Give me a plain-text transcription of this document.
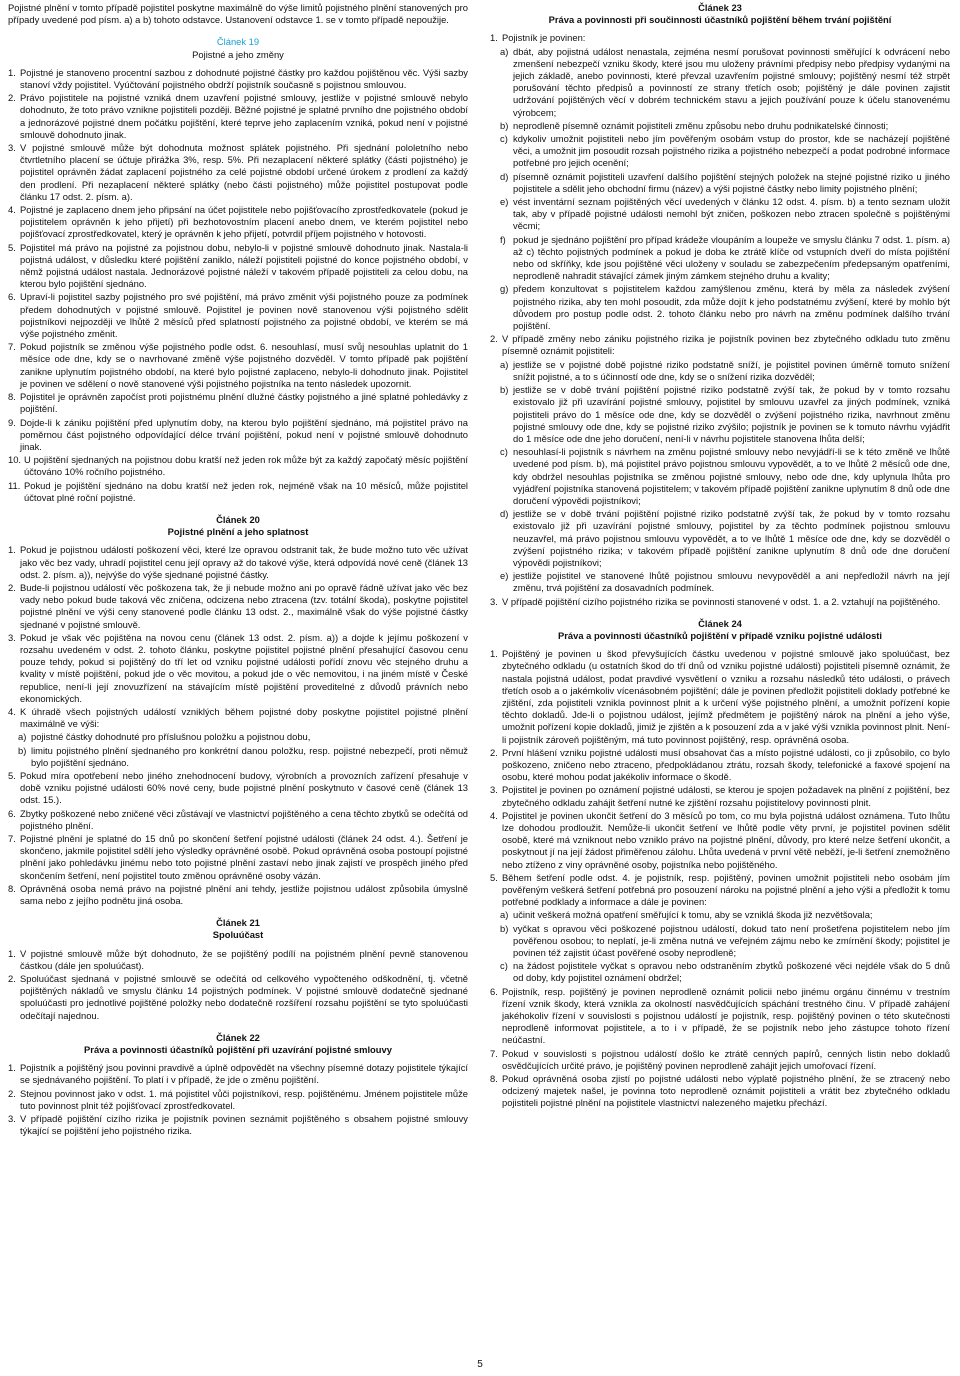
Pojistné plnění v tomto případě pojistitel poskytne maximálně do výše limitů pojistného plnění stanovených pro případy uvedené pod písm. a) a b) tohoto odstavce. Ustanovení odstavce 1. se v tomto případě nepoužije.

Článek 19
Pojistné a jeho změny
1. Pojistné je stanoveno procentní sazbou z dohodnuté pojistné částky pro každou pojištěnou věc. Výši sazby stanoví vždy pojistitel. Vyúčtování pojistného obdrží pojistník současně s pojistnou smlouvou.
2. Právo pojistitele na pojistné vzniká dnem uzavření pojistné smlouvy, jestliže v pojistné smlouvě nebylo dohodnuto, že toto právo vznikne pojistiteli později. Běžné pojistné je splatné prvního dne pojistného období a jednorázové pojistné dnem počátku pojištění, které teprve jeho zaplacením vzniká, pokud není v pojistné smlouvě dohodnuto jinak.
3. V pojistné smlouvě může být dohodnuta možnost splátek pojistného. Při sjednání pololetního nebo čtvrtletního placení se účtuje přirážka 3%, resp. 5%. Při nezaplacení některé splátky (části pojistného) je pojistitel oprávněn žádat zaplacení pojistného za celé pojistné období určené úrokem z prodlení za každý den prodlení. Při nezaplacení některé splátky (nebo části pojistného) může pojistitel postupovat podle článku 17 odst. 2. písm. a).
4. Pojistné je zaplaceno dnem jeho připsání na účet pojistitele nebo pojišťovacího zprostředkovatele (pokud je pojistitelem oprávněn k jeho přijetí) při bezhotovostním placení anebo dnem, ve kterém pojistitel nebo pojišťovací zprostředkovatel, který je oprávněn k jeho přijetí, potvrdil příjem pojistného v hotovosti.
5. Pojistitel má právo na pojistné za pojistnou dobu, nebylo-li v pojistné smlouvě dohodnuto jinak. Nastala-li pojistná událost, v důsledku které pojištění zaniklo, náleží pojistiteli pojistné do konce pojistného období, v němž pojistná událost nastala. Jednorázové pojistné náleží v takovém případě pojistiteli za celou dobu, na kterou bylo pojištění sjednáno.
6. Upraví-li pojistitel sazby pojistného pro své pojištění, má právo změnit výši pojistného pouze za podmínek předem dohodnutých v pojistné smlouvě. Pojistitel je povinen nově stanovenou výši pojistného sdělit pojistníkovi nejpozději ve lhůtě 2 měsíců před splatností pojistného za pojistné období, ve kterém se má výše pojistného změnit.
7. Pokud pojistník se změnou výše pojistného podle odst. 6. nesouhlasí, musí svůj nesouhlas uplatnit do 1 měsíce ode dne, kdy se o navrhované změně výše pojistného dozvěděl. V tomto případě pak pojištění zanikne uplynutím pojistného období, na které bylo pojistné zaplaceno, nebylo-li dohodnuto jinak. Pojistitel je povinen ve sdělení o nově stanovené výši pojistného pojistníka na tento následek upozornit.
8. Pojistitel je oprávněn započíst proti pojistnému plnění dlužné částky pojistného a jiné splatné pohledávky z pojištění.
9. Dojde-li k zániku pojištění před uplynutím doby, na kterou bylo pojištění sjednáno, má pojistitel právo na poměrnou část pojistného odpovídající délce trvání pojištění, pokud není v pojistné smlouvě dohodnuto jinak.
10. U pojištění sjednaných na pojistnou dobu kratší než jeden rok může být za každý započatý měsíc pojištění účtováno 10% ročního pojistného.
11. Pokud je pojištění sjednáno na dobu kratší než jeden rok, nejméně však na 10 měsíců, může pojistitel účtovat plné roční pojistné.
Článek 20
Pojistné plnění a jeho splatnost
1. Pokud je pojistnou událostí poškození věci, které lze opravou odstranit tak, že bude možno tuto věc užívat jako věc bez vady, uhradí pojistitel cenu její opravy až do takové výše, která odpovídá nové ceně (článek 13 odst. 2. písm. a)), nejvýše do výše sjednané pojistné částky.
2. Bude-li pojistnou událostí věc poškozena tak, že ji nebude možno ani po opravě řádně užívat jako věc bez vady nebo pokud bude taková věc zničena, odcizena nebo ztracena (tzv. totální škoda), poskytne pojistitel pojistné plnění ve výši ceny stanovené podle článku 13 odst. 2., maximálně však do výše pojistné částky sjednané v pojistné smlouvě.
3. Pokud je však věc pojištěna na novou cenu (článek 13 odst. 2. písm. a)) a dojde k jejímu poškození v rozsahu uvedeném v odst. 2. tohoto článku, poskytne pojistitel pojistné plnění přesahující časovou cenu pouze tehdy, pokud si pojištěný do tří let od vzniku pojistné události pořídí znovu věc stejného druhu a kvality v místě pojištění, pokud jde o věc movitou, a pokud jde o věc nemovitou, i na jiném místě v České republice, není-li její znovuzřízení na stávajícím místě pojištění proveditelné z důvodů právních nebo ekonomických.
4. K úhradě všech pojistných událostí vzniklých během pojistné doby poskytne pojistitel pojistné plnění maximálně ve výši:
a) pojistné částky dohodnuté pro příslušnou položku a pojistnou dobu,
b) limitu pojistného plnění sjednaného pro konkrétní danou položku, resp. pojistné nebezpečí, proti němuž bylo pojištění sjednáno.
5. Pokud míra opotřebení nebo jiného znehodnocení budovy, výrobních a provozních zařízení přesahuje v době vzniku pojistné události 60% nové ceny, bude pojistné plnění poskytnuto v časové ceně (článek 13 odst. 15.).
6. Zbytky poškozené nebo zničené věci zůstávají ve vlastnictví pojištěného a cena těchto zbytků se odečítá od pojistného plnění.
7. Pojistné plnění je splatné do 15 dnů po skončení šetření pojistné události (článek 24 odst. 4.). Šetření je skončeno, jakmile pojistitel sdělí jeho výsledky oprávněné osobě. Pokud oprávněná osoba postoupí pojistné plnění jako pohledávku jinému nebo toto pojistné plnění zastaví nebo jinak zajistí ve prospěch jiného před skončením šetření, není pojistitel touto změnou oprávněné osoby vázán.
8. Oprávněná osoba nemá právo na pojistné plnění ani tehdy, jestliže pojistnou událost způsobila úmyslně sama nebo z jejího podnětu jiná osoba.
Článek 21
Spoluúčast
1. V pojistné smlouvě může být dohodnuto, že se pojištěný podílí na pojistném plnění pevně stanovenou částkou (dále jen spoluúčast).
2. Spoluúčast sjednaná v pojistné smlouvě se odečítá od celkového vypočteného odškodnění, tj. včetně pojištěných nákladů ve smyslu článku 14 pojistných podmínek. V pojistné smlouvě dodatečně sjednané spoluúčasti pro jednotlivé pojištěné položky nebo dodatečně rozšíření rozsahu pojištění se tyto spoluúčasti odečítají najednou.
Článek 22
Práva a povinnosti účastníků pojištění při uzavírání pojistné smlouvy
1. Pojistník a pojištěný jsou povinni pravdivě a úplně odpovědět na všechny písemné dotazy pojistitele týkající se sjednávaného pojištění. To platí i v případě, že jde o změnu pojištění.
2. Stejnou povinnost jako v odst. 1. má pojistitel vůči pojistníkovi, resp. pojištěnému. Jménem pojistitele může tuto povinnost plnit též pojišťovací zprostředkovatel.
3. V případě pojištění cizího rizika je pojistník povinen seznámit pojištěného s obsahem pojistné smlouvy týkající se pojištění jeho pojistného rizika.
Článek 23
Práva a povinnosti při součinnosti účastníků pojištění během trvání pojištění
1. Pojistník je povinen:
a) dbát, aby pojistná událost nenastala, zejména nesmí porušovat povinnosti směřující k odvrácení nebo zmenšení nebezpečí vzniku škody, které jsou mu uloženy právními předpisy nebo předpisy vydanými na jejich základě, anebo povinnosti, které převzal uzavřením pojistné smlouvy; pojištěný nesmí též strpět porušování těchto předpisů a povinností ze strany třetích osob; pojištěný je dále povinen zajistit udržování pojištěných věcí v dobrém technickém stavu a jejich používání pouze k účelu stanovenému výrobcem;
b) neprodleně písemně oznámit pojistiteli změnu způsobu nebo druhu podnikatelské činnosti;
c) kdykoliv umožnit pojistiteli nebo jím pověřeným osobám vstup do prostor, kde se nacházejí pojištěné věci, a umožnit jim posoudit rozsah pojistného rizika a pojistného nebezpečí a podat podrobné informace potřebné pro jejich ocenění;
d) písemně oznámit pojistiteli uzavření dalšího pojištění stejných položek na stejné pojistné riziko u jiného pojistitele a sdělit jeho obchodní firmu (název) a výši pojistné částky nebo limity pojistného plnění;
e) vést inventární seznam pojištěných věcí uvedených v článku 12 odst. 4. písm. b) a tento seznam uložit tak, aby v případě pojistné události nemohl být zničen, poškozen nebo ztracen společně s pojištěnými věcmi;
f) pokud je sjednáno pojištění pro případ krádeže vloupáním a loupeže ve smyslu článku 7 odst. 1. písm. a) až c) těchto pojistných podmínek a pokud je doba ke ztrátě klíče od vstupních dveří do místa pojištění nebo od skříňky, kde jsou pojištěné věci uloženy v souladu se zabezpečením předepsaným opatřeními, neprodleně nahradit stávající zámek jiným zámkem stejného druhu a kvality;
g) předem konzultovat s pojistitelem každou zamýšlenou změnu, která by měla za následek zvýšení pojistného rizika, aby ten mohl posoudit, zda může dojít k jeho podstatnému zvýšení, které by mohlo být důvodem pro postup podle odst. 2. tohoto článku nebo pro návrh na změnu podmínek dalšího trvání pojištění.
2. V případě změny nebo zániku pojistného rizika je pojistník povinen bez zbytečného odkladu tuto změnu písemně oznámit pojistiteli:
a) jestliže se v pojistné době pojistné riziko podstatně sníží, je pojistitel povinen úměrně tomuto snížení snížit pojistné, a to s účinností ode dne, kdy se o snížení rizika dozvěděl;
b) jestliže se v době trvání pojištění pojistné riziko podstatně zvýší tak, že pokud by v tomto rozsahu existovalo již při uzavírání pojistné smlouvy, pojistitel by smlouvu uzavřel za jiných podmínek, vzniká pojistiteli právo do 1 měsíce ode dne, kdy se dozvěděl o zvýšení pojistného rizika, navrhnout změnu pojistné smlouvy ode dne, kdy se pojistné riziko zvýšilo; pojistník je povinen se k tomuto návrhu vyjádřit do 1 měsíce ode dne jeho doručení, není-li v návrhu pojistitele stanovena lhůta delší;
c) nesouhlasí-li pojistník s návrhem na změnu pojistné smlouvy nebo nevyjádří-li se k této změně ve lhůtě uvedené pod písm. b), má pojistitel právo pojistnou smlouvu vypovědět, a to ve lhůtě 2 měsíců ode dne, kdy obdržel nesouhlas pojistníka se změnou pojistné smlouvy, nebo ode dne, kdy uplynula lhůta pro vyjádření pojistníka stanovená pojistitelem; v takovém případě pojištění zanikne uplynutím 8 dnů ode dne doručení výpovědi pojistníkovi;
d) jestliže se v době trvání pojištění pojistné riziko podstatně zvýší tak, že pokud by v tomto rozsahu existovalo již při uzavírání pojistné smlouvy, pojistitel by za těchto podmínek pojistnou smlouvu neuzavřel, má právo pojistnou smlouvu vypovědět, a to ve lhůtě 1 měsíce ode dne, kdy se dozvěděl o zvýšení pojistného rizika; v takovém případě pojištění zanikne uplynutím 8 dnů ode dne doručení výpovědi pojistníkovi;
e) jestliže pojistitel ve stanovené lhůtě pojistnou smlouvu nevypověděl a ani nepředložil návrh na její změnu, trvá pojištění za dosavadních podmínek.
3. V případě pojištění cizího pojistného rizika se povinnosti stanovené v odst. 1. a 2. vztahují na pojištěného.
Článek 24
Práva a povinnosti účastníků pojištění v případě vzniku pojistné události
1. Pojištěný je povinen u škod převyšujících částku uvedenou v pojistné smlouvě jako spoluúčast, bez zbytečného odkladu (u ostatních škod do tří dnů od vzniku pojistné události) pojistiteli písemně oznámit, že nastala pojistná událost, podat pravdivé vysvětlení o vzniku a rozsahu následků této události, o právech třetích osob a o jakémkoliv vícenásobném pojištění; dále je povinen předložit pojistiteli doklady potřebné ke zjištění, zda pojistiteli vznikla povinnost plnit a k určení výše pojistného plnění, a umožnit pořízení kopie těchto dokladů. Jde-li o pojistnou událost, jejímž předmětem je pojištěný nárok na plnění a jeho výše, umožnit pořízení kopie dokladů, jimiž je zjištěn a k posouzení zda a v jaké výši vznikla povinnost plnit. Není-li pojistník zároveň pojištěným, má tuto povinnost pojištěný, resp. oprávněná osoba.
2. První hlášení vzniku pojistné události musí obsahovat čas a místo pojistné události, co ji způsobilo, co bylo poškozeno, zničeno nebo ztraceno, předpokládanou ztrátu, rozsah škody, telefonické a faxové spojení na osobu, které mohou podat jakékoliv informace o škodě.
3. Pojistitel je povinen po oznámení pojistné události, se kterou je spojen požadavek na plnění z pojištění, bez zbytečného odkladu zahájit šetření nutné ke zjištění rozsahu pojistitelovy povinnosti plnit.
4. Pojistitel je povinen ukončit šetření do 3 měsíců po tom, co mu byla pojistná událost oznámena. Tuto lhůtu lze dohodou prodloužit. Nemůže-li ukončit šetření ve lhůtě podle věty první, je pojistitel povinen sdělit osobě, které má vzniknout nebo vzniklo právo na pojistné plnění, důvody, pro které nelze šetření ukončit, a poskytnout jí na její žádost přiměřenou zálohu. Lhůta uvedená v první větě neběží, je-li šetření znemožněno nebo ztíženo z viny oprávněné osoby, pojistníka nebo pojištěného.
5. Během šetření podle odst. 4. je pojistník, resp. pojištěný, povinen umožnit pojistiteli nebo osobám jím pověřeným veškerá šetření potřebná pro posouzení nároku na pojistné plnění a jeho výši a předložit k tomu potřebné podklady a informace a dále je povinen:
a) učinit veškerá možná opatření směřující k tomu, aby se vzniklá škoda již nezvětšovala;
b) vyčkat s opravou věci poškozené pojistnou událostí, dokud tato není prošetřena pojistitelem nebo jím pověřenou osobou; to neplatí, je-li změna nutná ve veřejném zájmu nebo ke zmírnění škody; pojistitel je povinen též zajistit účast pověřené osoby neprodleně;
c) na žádost pojistitele vyčkat s opravou nebo odstraněním zbytků poškozené věci nejdéle však do 5 dnů od doby, kdy pojistitel oznámení obdržel;
6. Pojistník, resp. pojištěný je povinen neprodleně oznámit policii nebo jinému orgánu činnému v trestním řízení vznik škody, která vznikla za okolností nasvědčujících spáchání trestného činu. V případě zahájení jakéhokoliv řízení v souvislosti s pojistnou událostí je pojistník, resp. pojištěný povinen o této skutečnosti neprodleně informovat pojistitele, a to i v případě, že se pojistník nebo jeho zástupce tohoto řízení neúčastní.
7. Pokud v souvislosti s pojistnou událostí došlo ke ztrátě cenných papírů, cenných listin nebo dokladů osvědčujících určité právo, je pojištěný povinen neprodleně zahájit jejich umořovací řízení.
8. Pokud oprávněná osoba zjistí po pojistné události nebo výplatě pojistného plnění, že se ztracený nebo odcizený majetek našel, je povinna toto neprodleně oznámit pojistiteli a vrátit bez zbytečného odkladu pojistiteli pojistné plnění na pojistitele vlastnictví nalezeného majetku přechází.
5
